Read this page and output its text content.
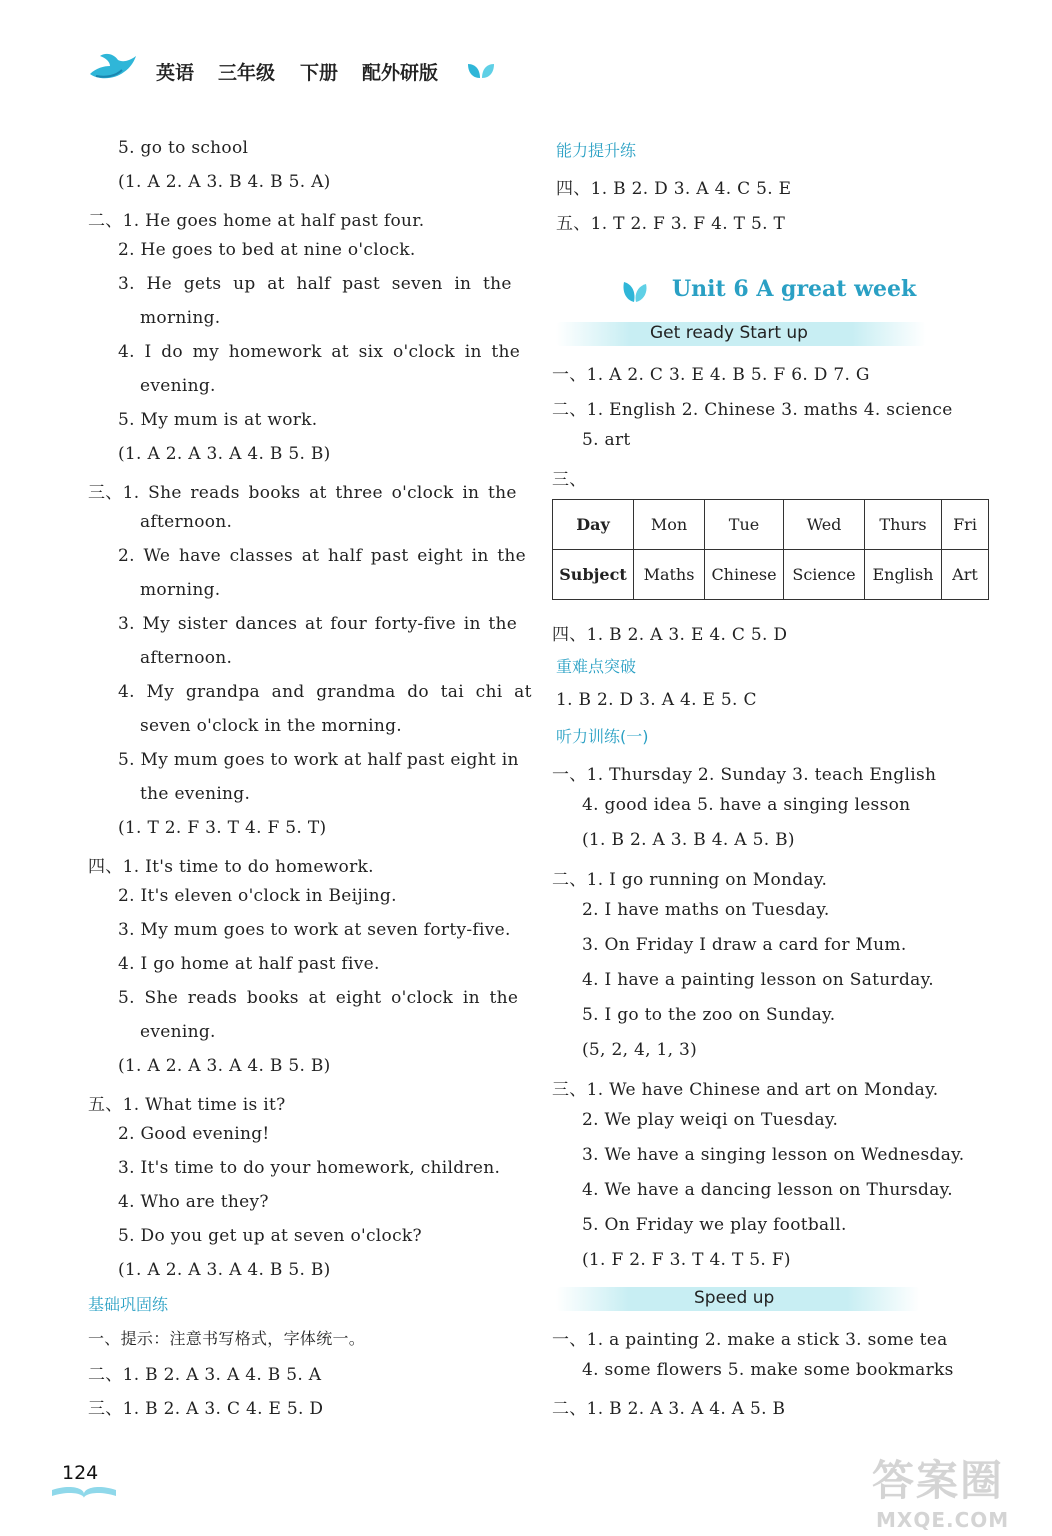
英语 三年级 下册 配外研版
5. go to school
(1. A 2. A 3. B 4. B 5. A)
二、1. He goes home at half past four.
2. He goes to bed at nine o'clock.
3. He gets up at half past seven in the
morning.
4. I do my homework at six o'clock in the
evening.
5. My mum is at work.
(1. A 2. A 3. A 4. B 5. B)
三、1. She reads books at three o'clock in the
afternoon.
2. We have classes at half past eight in the
morning.
3. My sister dances at four forty-five in the
afternoon.
4. My grandpa and grandma do tai chi at
seven o'clock in the morning.
5. My mum goes to work at half past eight in
the evening.
(1. T 2. F 3. T 4. F 5. T)
四、1. It's time to do homework.
2. It's eleven o'clock in Beijing.
3. My mum goes to work at seven forty-five.
4. I go home at half past five.
5. She reads books at eight o'clock in the
evening.
(1. A 2. A 3. A 4. B 5. B)
五、1. What time is it?
2. Good evening!
3. It's time to do your homework, children.
4. Who are they?
5. Do you get up at seven o'clock?
(1. A 2. A 3. A 4. B 5. B)
基础巩固练
一、提示：注意书写格式，字体统一。
二、1. B 2. A 3. A 4. B 5. A
三、1. B 2. A 3. C 4. E 5. D
能力提升练
四、1. B 2. D 3. A 4. C 5. E
五、1. T 2. F 3. F 4. T 5. T
Unit 6 A great week
Get ready Start up
一、1. A 2. C 3. E 4. B 5. F 6. D 7. G
二、1. English 2. Chinese 3. maths 4. science
5. art
三、
Day	Mon	Tue	Wed	Thurs	Fri
Subject	Maths	Chinese	Science	English	Art
四、1. B 2. A 3. E 4. C 5. D
重难点突破
1. B 2. D 3. A 4. E 5. C
听力训练(一)
一、1. Thursday 2. Sunday 3. teach English
4. good idea 5. have a singing lesson
(1. B 2. A 3. B 4. A 5. B)
二、1. I go running on Monday.
2. I have maths on Tuesday.
3. On Friday I draw a card for Mum.
4. I have a painting lesson on Saturday.
5. I go to the zoo on Sunday.
(5, 2, 4, 1, 3)
三、1. We have Chinese and art on Monday.
2. We play weiqi on Tuesday.
3. We have a singing lesson on Wednesday.
4. We have a dancing lesson on Thursday.
5. On Friday we play football.
(1. F 2. F 3. T 4. T 5. F)
Speed up
一、1. a painting 2. make a stick 3. some tea
4. some flowers 5. make some bookmarks
二、1. B 2. A 3. A 4. A 5. B
124	答案圈
MXQE.COM
